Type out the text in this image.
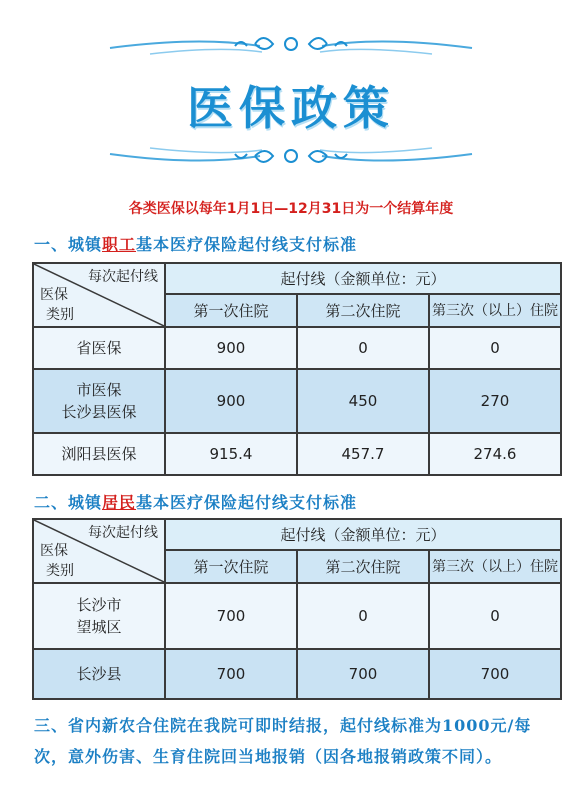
医保政策
各类医保以每年1月1日—12月31日为一个结算年度
一、城镇职工基本医疗保险起付线支付标准
每次起付线
医保
类别	起付线（金额单位：元）		
	第一次住院	第二次住院	第三次（以上）住院

省医保	900	0	0

市医保
长沙县医保	900	450	270

浏阳县医保	915.4	457.7	274.6
二、城镇居民基本医疗保险起付线支付标准
每次起付线
医保
类别	起付线（金额单位：元）		
	第一次住院	第二次住院	第三次（以上）住院

长沙市
望城区	700	0	0

长沙县	700	700	700
三、省内新农合住院在我院可即时结报，起付线标准为1000元/每次，意外伤害、生育住院回当地报销（因各地报销政策不同）。
